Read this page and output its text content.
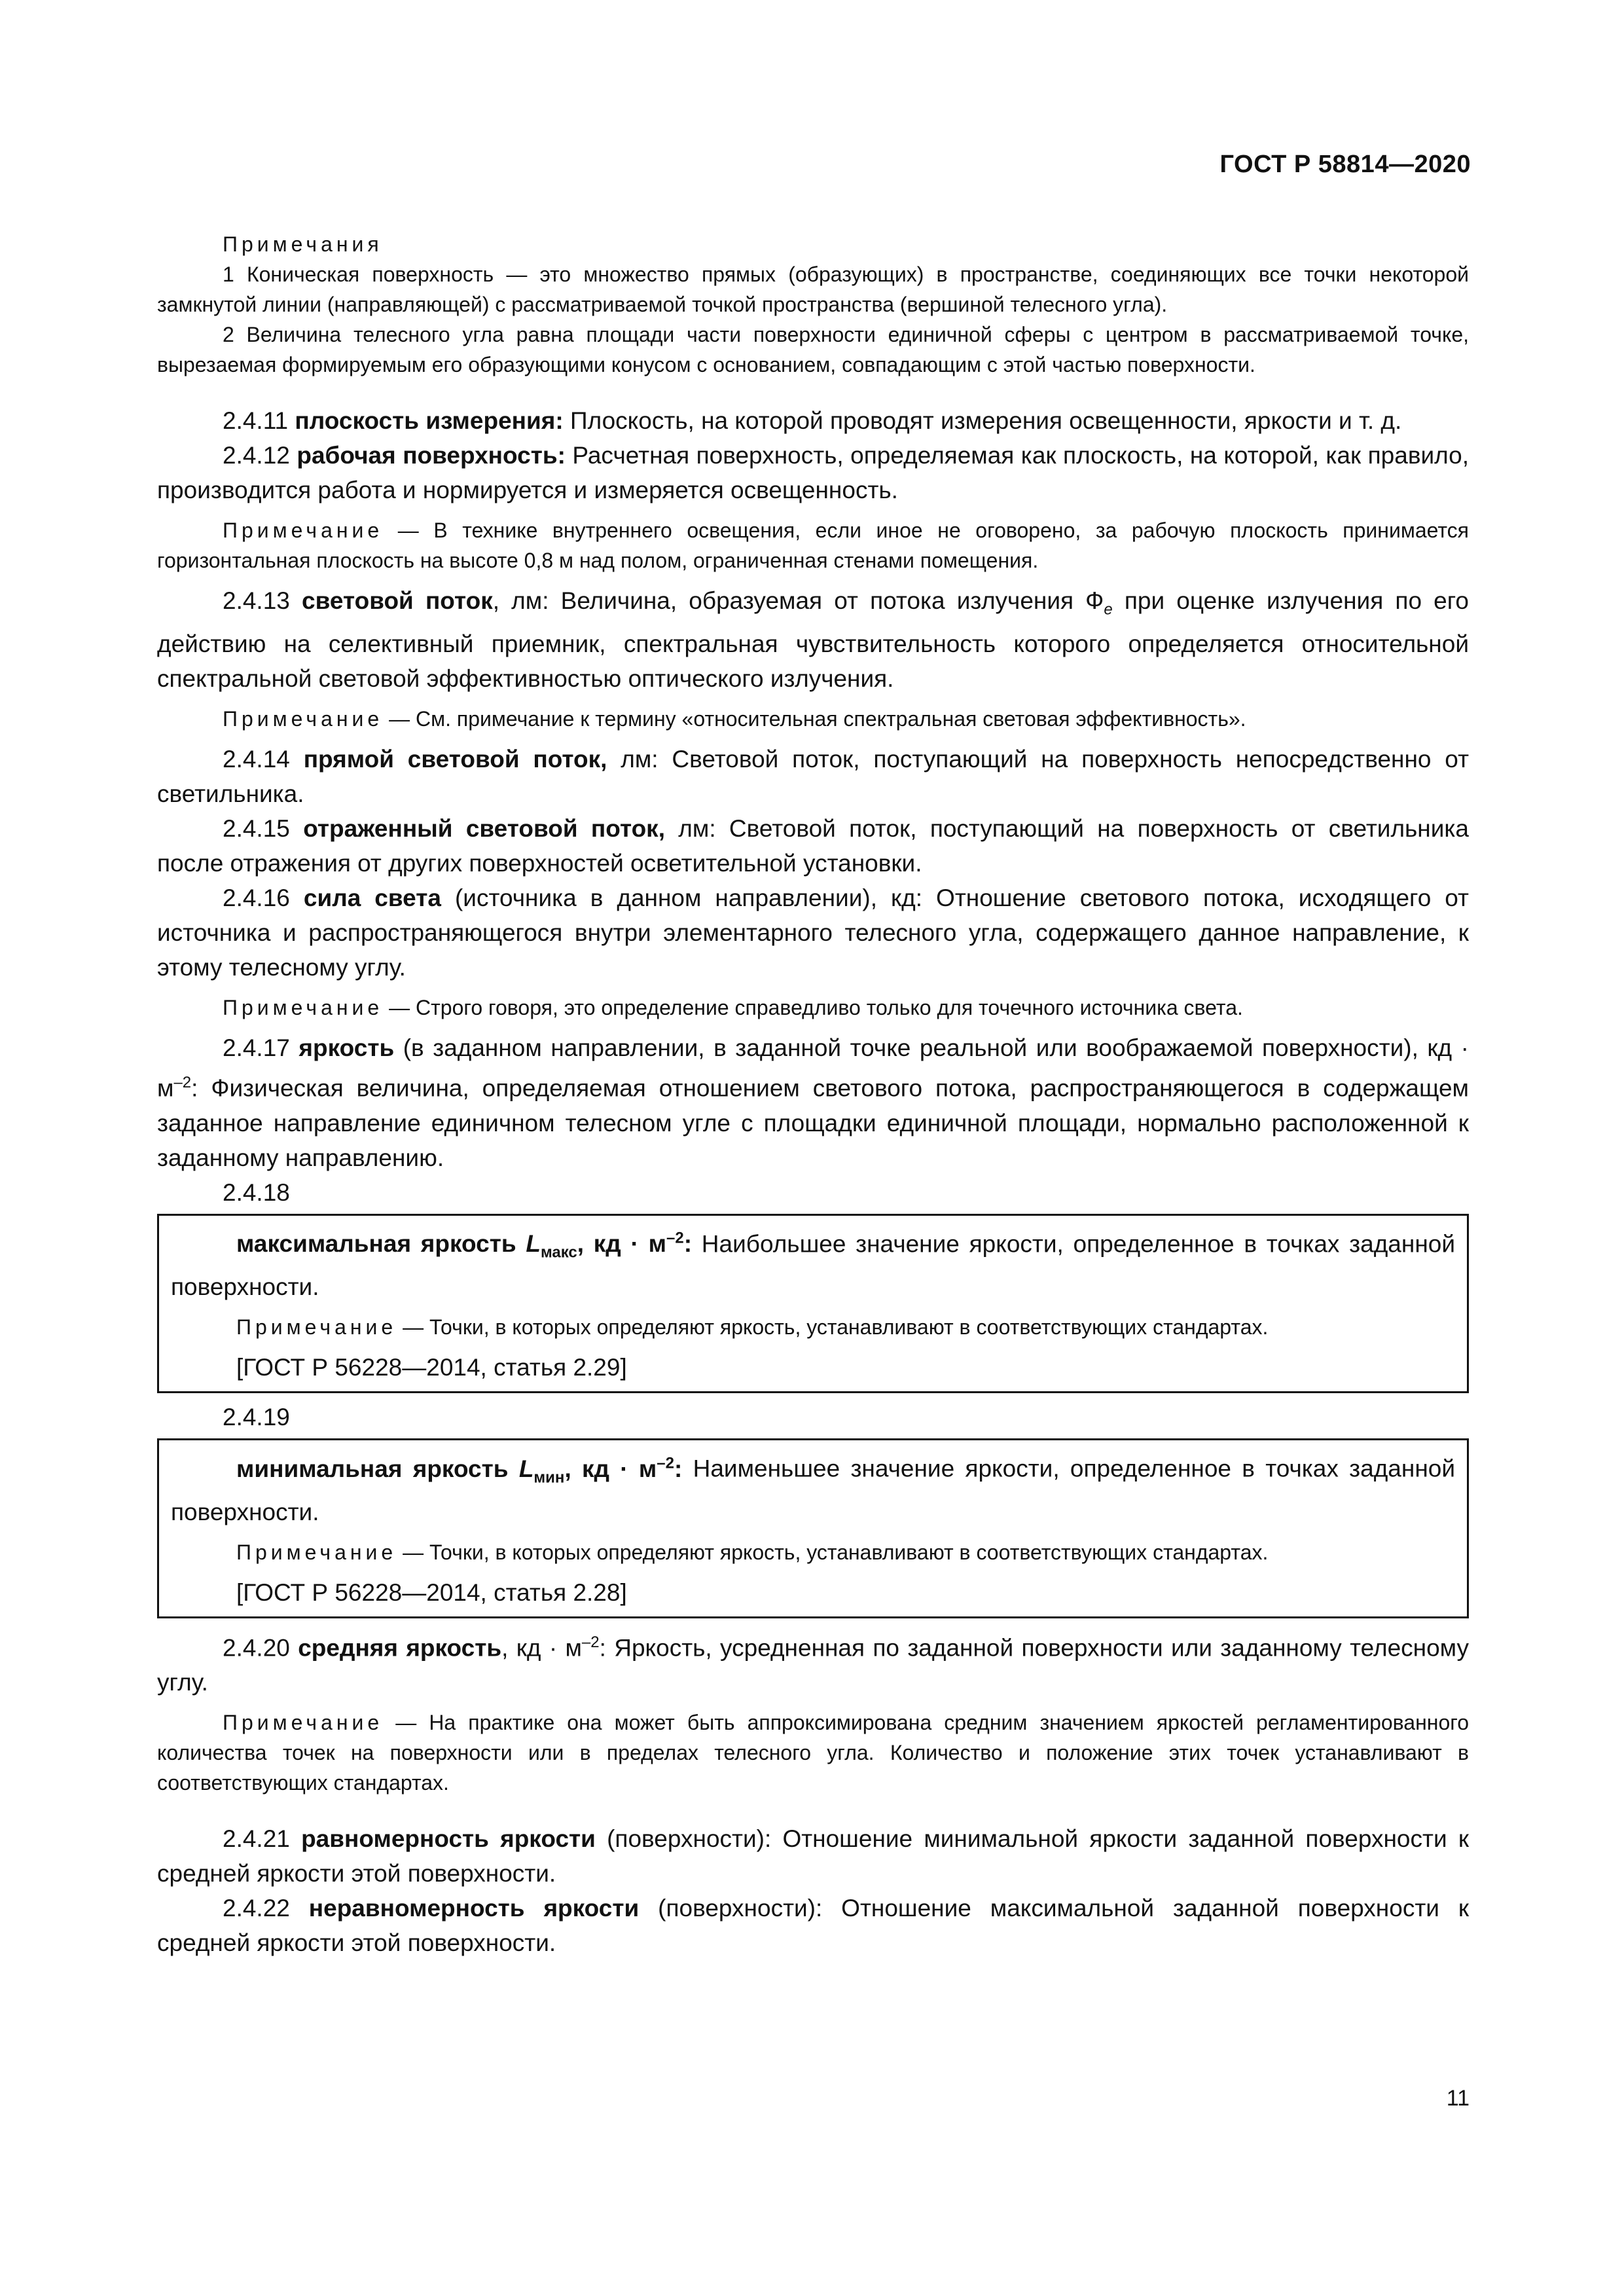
ГОСТ Р 58814—2020

Примечания

1 Коническая поверхность — это множество прямых (образующих) в пространстве, соединяющих все точки некоторой замкнутой линии (направляющей) с рассматриваемой точкой пространства (вершиной телесного угла).

2 Величина телесного угла равна площади части поверхности единичной сферы с центром в рассматриваемой точке, вырезаемая формируемым его образующими конусом с основанием, совпадающим с этой частью поверхности.

2.4.11 плоскость измерения: Плоскость, на которой проводят измерения освещенности, яркости и т. д.

2.4.12 рабочая поверхность: Расчетная поверхность, определяемая как плоскость, на которой, как правило, производится работа и нормируется и измеряется освещенность.

Примечание — В технике внутреннего освещения, если иное не оговорено, за рабочую плоскость принимается горизонтальная плоскость на высоте 0,8 м над полом, ограниченная стенами помещения.

2.4.13 световой поток, лм: Величина, образуемая от потока излучения $Ф_e$ при оценке излучения по его действию на селективный приемник, спектральная чувствительность которого определяется относительной спектральной световой эффективностью оптического излучения.

Примечание — См. примечание к термину «относительная спектральная световая эффективность».

2.4.14 прямой световой поток, лм: Световой поток, поступающий на поверхность непосредственно от светильника.

2.4.15 отраженный световой поток, лм: Световой поток, поступающий на поверхность от светильника после отражения от других поверхностей осветительной установки.

2.4.16 сила света (источника в данном направлении), кд: Отношение светового потока, исходящего от источника и распространяющегося внутри элементарного телесного угла, содержащего данное направление, к этому телесному углу.

Примечание — Строго говоря, это определение справедливо только для точечного источника света.

2.4.17 яркость (в заданном направлении, в заданной точке реальной или воображаемой поверхности), кд · $м^{-2}$: Физическая величина, определяемая отношением светового потока, распространяющегося в содержащем заданное направление единичном телесном угле с площадки единичной площади, нормально расположенной к заданному направлению.

2.4.18

максимальная яркость $L_{макс}$, кд · $м^{-2}$: Наибольшее значение яркости, определенное в точках заданной поверхности.

Примечание — Точки, в которых определяют яркость, устанавливают в соответствующих стандартах.

[ГОСТ Р 56228—2014, статья 2.29]

2.4.19

минимальная яркость $L_{мин}$, кд · $м^{-2}$: Наименьшее значение яркости, определенное в точках заданной поверхности.

Примечание — Точки, в которых определяют яркость, устанавливают в соответствующих стандартах.

[ГОСТ Р 56228—2014, статья 2.28]

2.4.20 средняя яркость, кд · $м^{-2}$: Яркость, усредненная по заданной поверхности или заданному телесному углу.

Примечание — На практике она может быть аппроксимирована средним значением яркостей регламентированного количества точек на поверхности или в пределах телесного угла. Количество и положение этих точек устанавливают в соответствующих стандартах.

2.4.21 равномерность яркости (поверхности): Отношение минимальной яркости заданной поверхности к средней яркости этой поверхности.

2.4.22 неравномерность яркости (поверхности): Отношение максимальной заданной поверхности к средней яркости этой поверхности.

11
